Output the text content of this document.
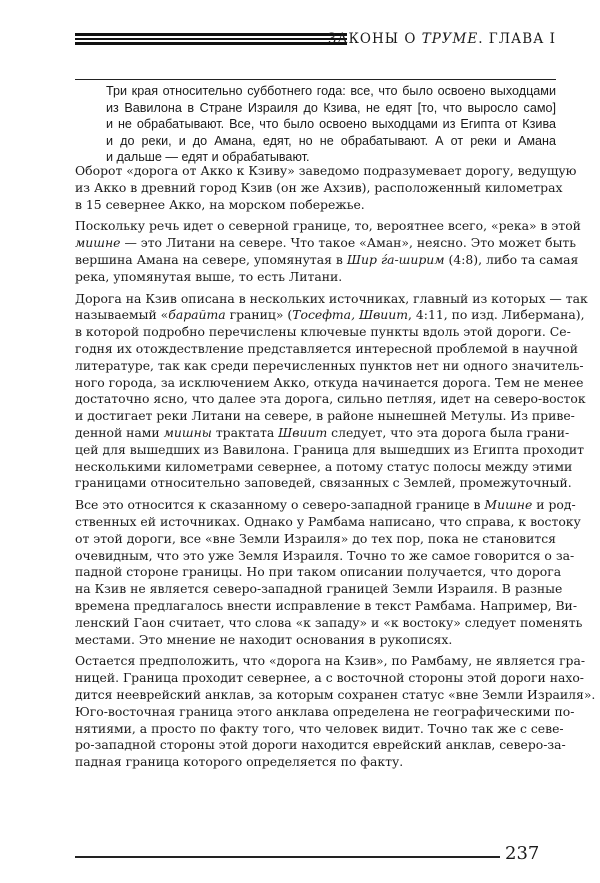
ЗАКОНЫ О ТРУМЕ. ГЛАВА I
Три края относительно субботнего года: все, что было освоено выходцами
из Вавилона в Стране Израиля до Кзива, не едят [то, что выросло само]
и не обрабатывают. Все, что было освоено выходцами из Египта от Кзива
и до реки, и до Амана, едят, но не обрабатывают. А от реки и Амана
и дальше — едят и обрабатывают.
Оборот «дорога от Акко к Кзиву» заведомо подразумевает дорогу, ведущую
из Акко в древний город Кзив (он же Ахзив), расположенный километрах
в 15 севернее Акко, на морском побережье.
Поскольку речь идет о северной границе, то, вероятнее всего, «река» в этой
мишне — это Литани на севере. Что такое «Аман», неясно. Это может быть
вершина Амана на севере, упомянутая в Шир ѓа-ширим (4:8), либо та самая
река, упомянутая выше, то есть Литани.
Дорога на Кзив описана в нескольких источниках, главный из которых — так
называемый «барайта границ» (Тосефта, Швиит, 4:11, по изд. Либермана),
в которой подробно перечислены ключевые пункты вдоль этой дороги. Се-
годня их отождествление представляется интересной проблемой в научной
литературе, так как среди перечисленных пунктов нет ни одного значитель-
ного города, за исключением Акко, откуда начинается дорога. Тем не менее
достаточно ясно, что далее эта дорога, сильно петляя, идет на северо-восток
и достигает реки Литани на севере, в районе нынешней Метулы. Из приве-
денной нами мишны трактата Швиит следует, что эта дорога была грани-
цей для вышедших из Вавилона. Граница для вышедших из Египта проходит
несколькими километрами севернее, а потому статус полосы между этими
границами относительно заповедей, связанных с Землей, промежуточный.
Все это относится к сказанному о северо-западной границе в Мишне и род-
ственных ей источниках. Однако у Рамбама написано, что справа, к востоку
от этой дороги, все «вне Земли Израиля» до тех пор, пока не становится
очевидным, что это уже Земля Израиля. Точно то же самое говорится о за-
падной стороне границы. Но при таком описании получается, что дорога
на Кзив не является северо-западной границей Земли Израиля. В разные
времена предлагалось внести исправление в текст Рамбама. Например, Ви-
ленский Гаон считает, что слова «к западу» и «к востоку» следует поменять
местами. Это мнение не находит основания в рукописях.
Остается предположить, что «дорога на Кзив», по Рамбаму, не является гра-
ницей. Граница проходит севернее, а с восточной стороны этой дороги нахо-
дится нееврейский анклав, за которым сохранен статус «вне Земли Израиля».
Юго-восточная граница этого анклава определена не географическими по-
нятиями, а просто по факту того, что человек видит. Точно так же с севе-
ро-западной стороны этой дороги находится еврейский анклав, северо-за-
падная граница которого определяется по факту.
237
